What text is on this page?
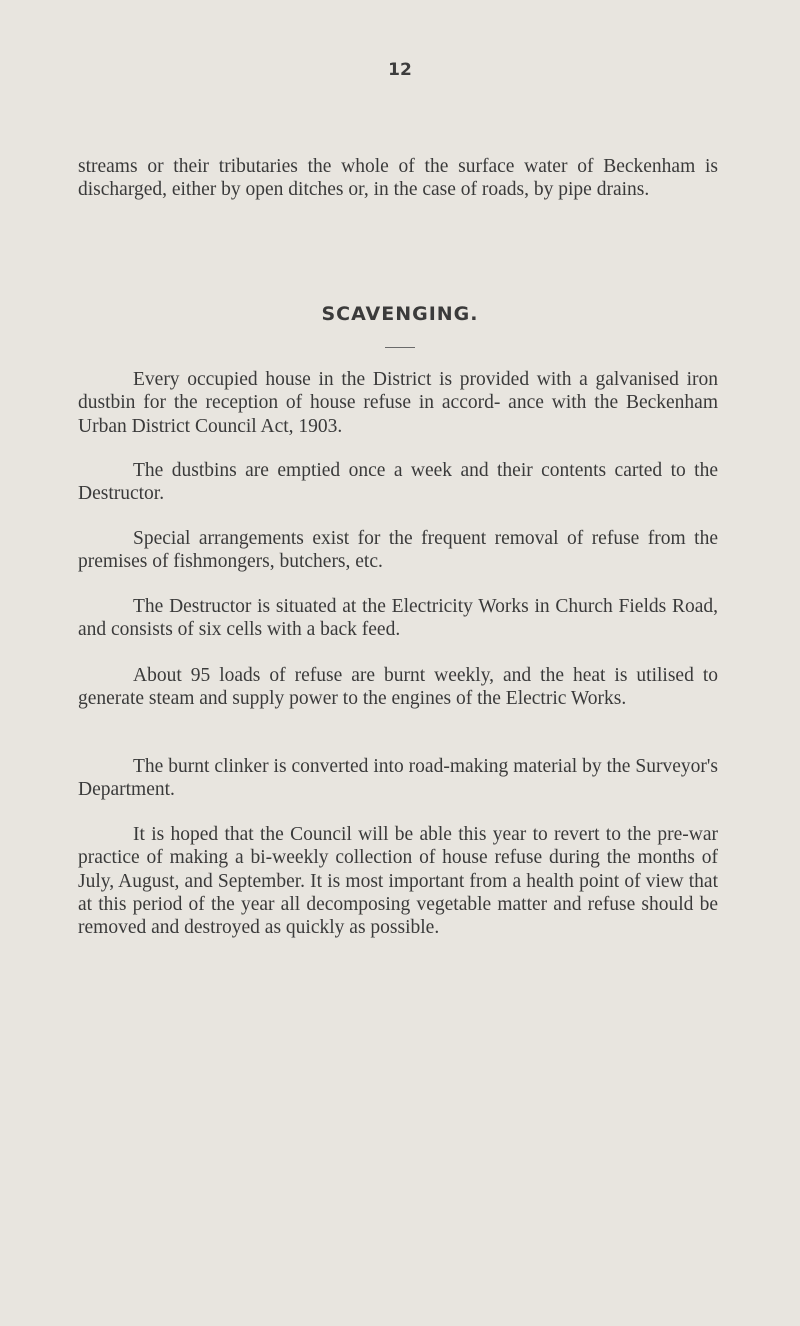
12

streams or their tributaries the whole of the surface water of Beckenham is discharged, either by open ditches or, in the case of roads, by pipe drains.

SCAVENGING.

Every occupied house in the District is provided with a galvanised iron dustbin for the reception of house refuse in accord- ance with the Beckenham Urban District Council Act, 1903.

The dustbins are emptied once a week and their contents carted to the Destructor.

Special arrangements exist for the frequent removal of refuse from the premises of fishmongers, butchers, etc.

The Destructor is situated at the Electricity Works in Church Fields Road, and consists of six cells with a back feed.

About 95 loads of refuse are burnt weekly, and the heat is utilised to generate steam and supply power to the engines of the Electric Works.

The burnt clinker is converted into road-making material by the Surveyor's Department.

It is hoped that the Council will be able this year to revert to the pre-war practice of making a bi-weekly collection of house refuse during the months of July, August, and September. It is most important from a health point of view that at this period of the year all decomposing vegetable matter and refuse should be removed and destroyed as quickly as possible.
